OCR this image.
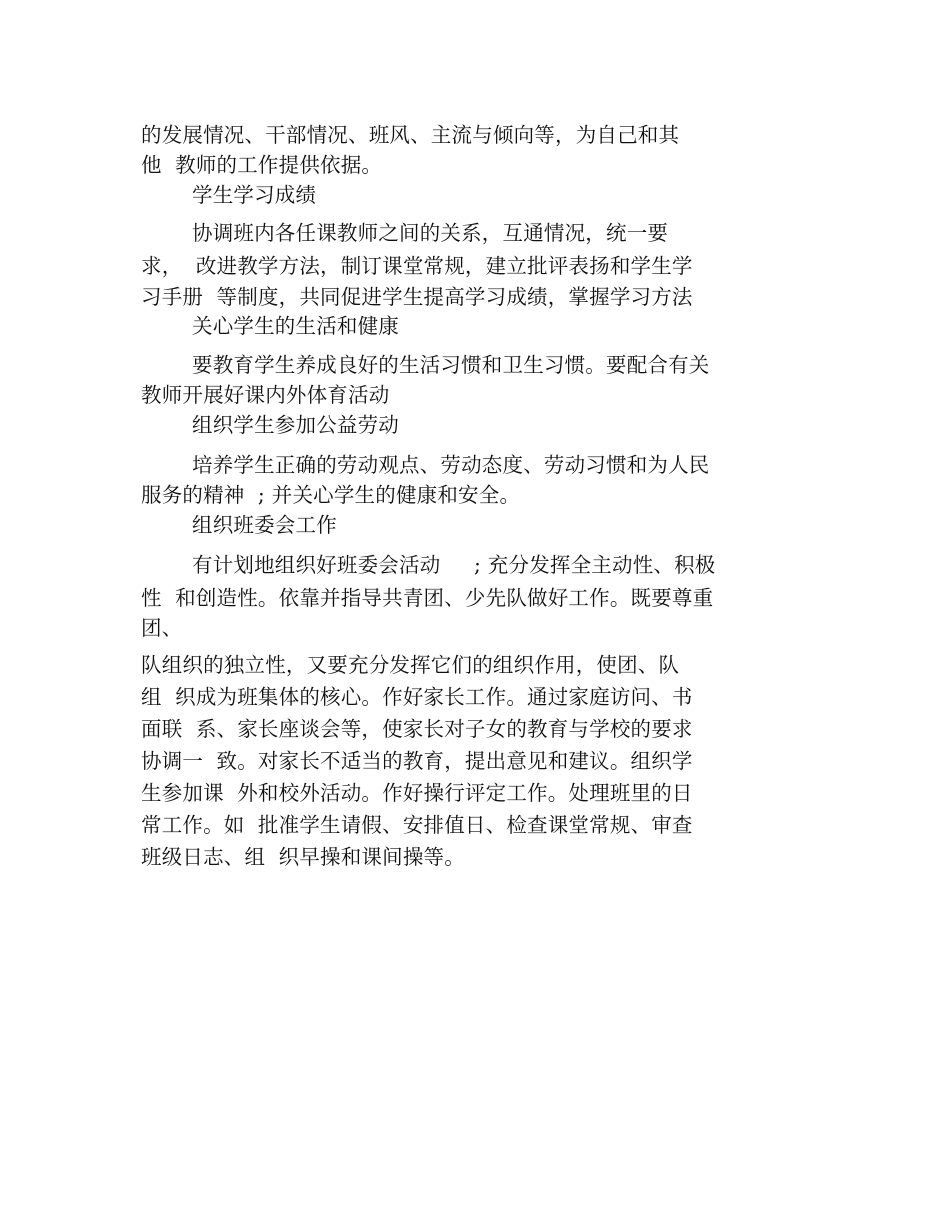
的发展情况、干部情况、班风、主流与倾向等，为自己和其
他  教师的工作提供依据。
学生学习成绩
协调班内各任课教师之间的关系，互通情况，统一要
求，  改进教学方法，制订课堂常规，建立批评表扬和学生学
习手册  等制度，共同促进学生提高学习成绩，掌握学习方法
关心学生的生活和健康
要教育学生养成良好的生活习惯和卫生习惯。要配合有关
教师开展好课内外体育活动
组织学生参加公益劳动
培养学生正确的劳动观点、劳动态度、劳动习惯和为人民
服务的精神  ; 并关心学生的健康和安全。
组织班委会工作
有计划地组织好班委会活动     ; 充分发挥全主动性、积极
性  和创造性。依靠并指导共青团、少先队做好工作。既要尊重
团、
队组织的独立性，又要充分发挥它们的组织作用，使团、队
组  织成为班集体的核心。作好家长工作。通过家庭访问、书
面联  系、家长座谈会等，使家长对子女的教育与学校的要求
协调一  致。对家长不适当的教育，提出意见和建议。组织学
生参加课  外和校外活动。作好操行评定工作。处理班里的日
常工作。如  批准学生请假、安排值日、检查课堂常规、审查
班级日志、组  织早操和课间操等。
